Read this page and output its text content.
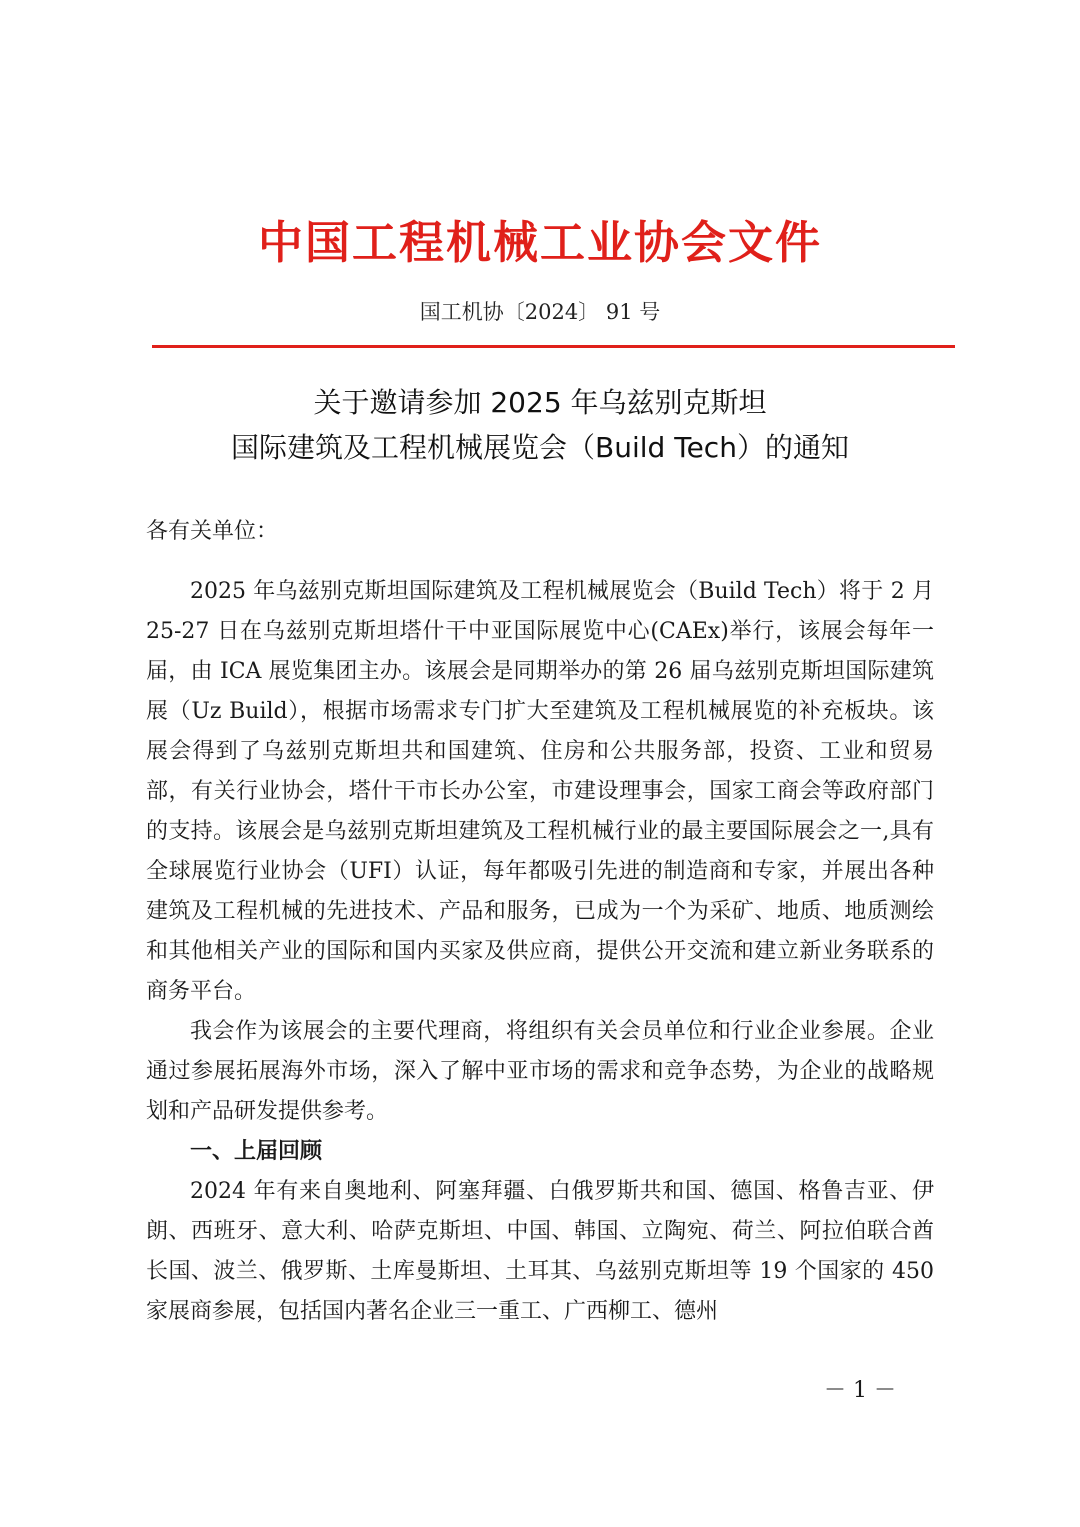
中国工程机械工业协会文件
国工机协〔2024〕 91 号
关于邀请参加 2025 年乌兹别克斯坦
国际建筑及工程机械展览会（Build Tech）的通知
各有关单位：

2025 年乌兹别克斯坦国际建筑及工程机械展览会（Build Tech）将于 2 月 25-27 日在乌兹别克斯坦塔什干中亚国际展览中心(CAEx)举行，该展会每年一届，由 ICA 展览集团主办。该展会是同期举办的第 26 届乌兹别克斯坦国际建筑展（Uz Build），根据市场需求专门扩大至建筑及工程机械展览的补充板块。该展会得到了乌兹别克斯坦共和国建筑、住房和公共服务部，投资、工业和贸易部，有关行业协会，塔什干市长办公室，市建设理事会，国家工商会等政府部门的支持。该展会是乌兹别克斯坦建筑及工程机械行业的最主要国际展会之一,具有全球展览行业协会（UFI）认证，每年都吸引先进的制造商和专家，并展出各种建筑及工程机械的先进技术、产品和服务，已成为一个为采矿、地质、地质测绘和其他相关产业的国际和国内买家及供应商，提供公开交流和建立新业务联系的商务平台。

我会作为该展会的主要代理商，将组织有关会员单位和行业企业参展。企业通过参展拓展海外市场，深入了解中亚市场的需求和竞争态势，为企业的战略规划和产品研发提供参考。

一、上届回顾

2024 年有来自奥地利、阿塞拜疆、白俄罗斯共和国、德国、格鲁吉亚、伊朗、西班牙、意大利、哈萨克斯坦、中国、韩国、立陶宛、荷兰、阿拉伯联合酋长国、波兰、俄罗斯、土库曼斯坦、土耳其、乌兹别克斯坦等 19 个国家的 450 家展商参展，包括国内著名企业三一重工、广西柳工、德州

－ 1 －
